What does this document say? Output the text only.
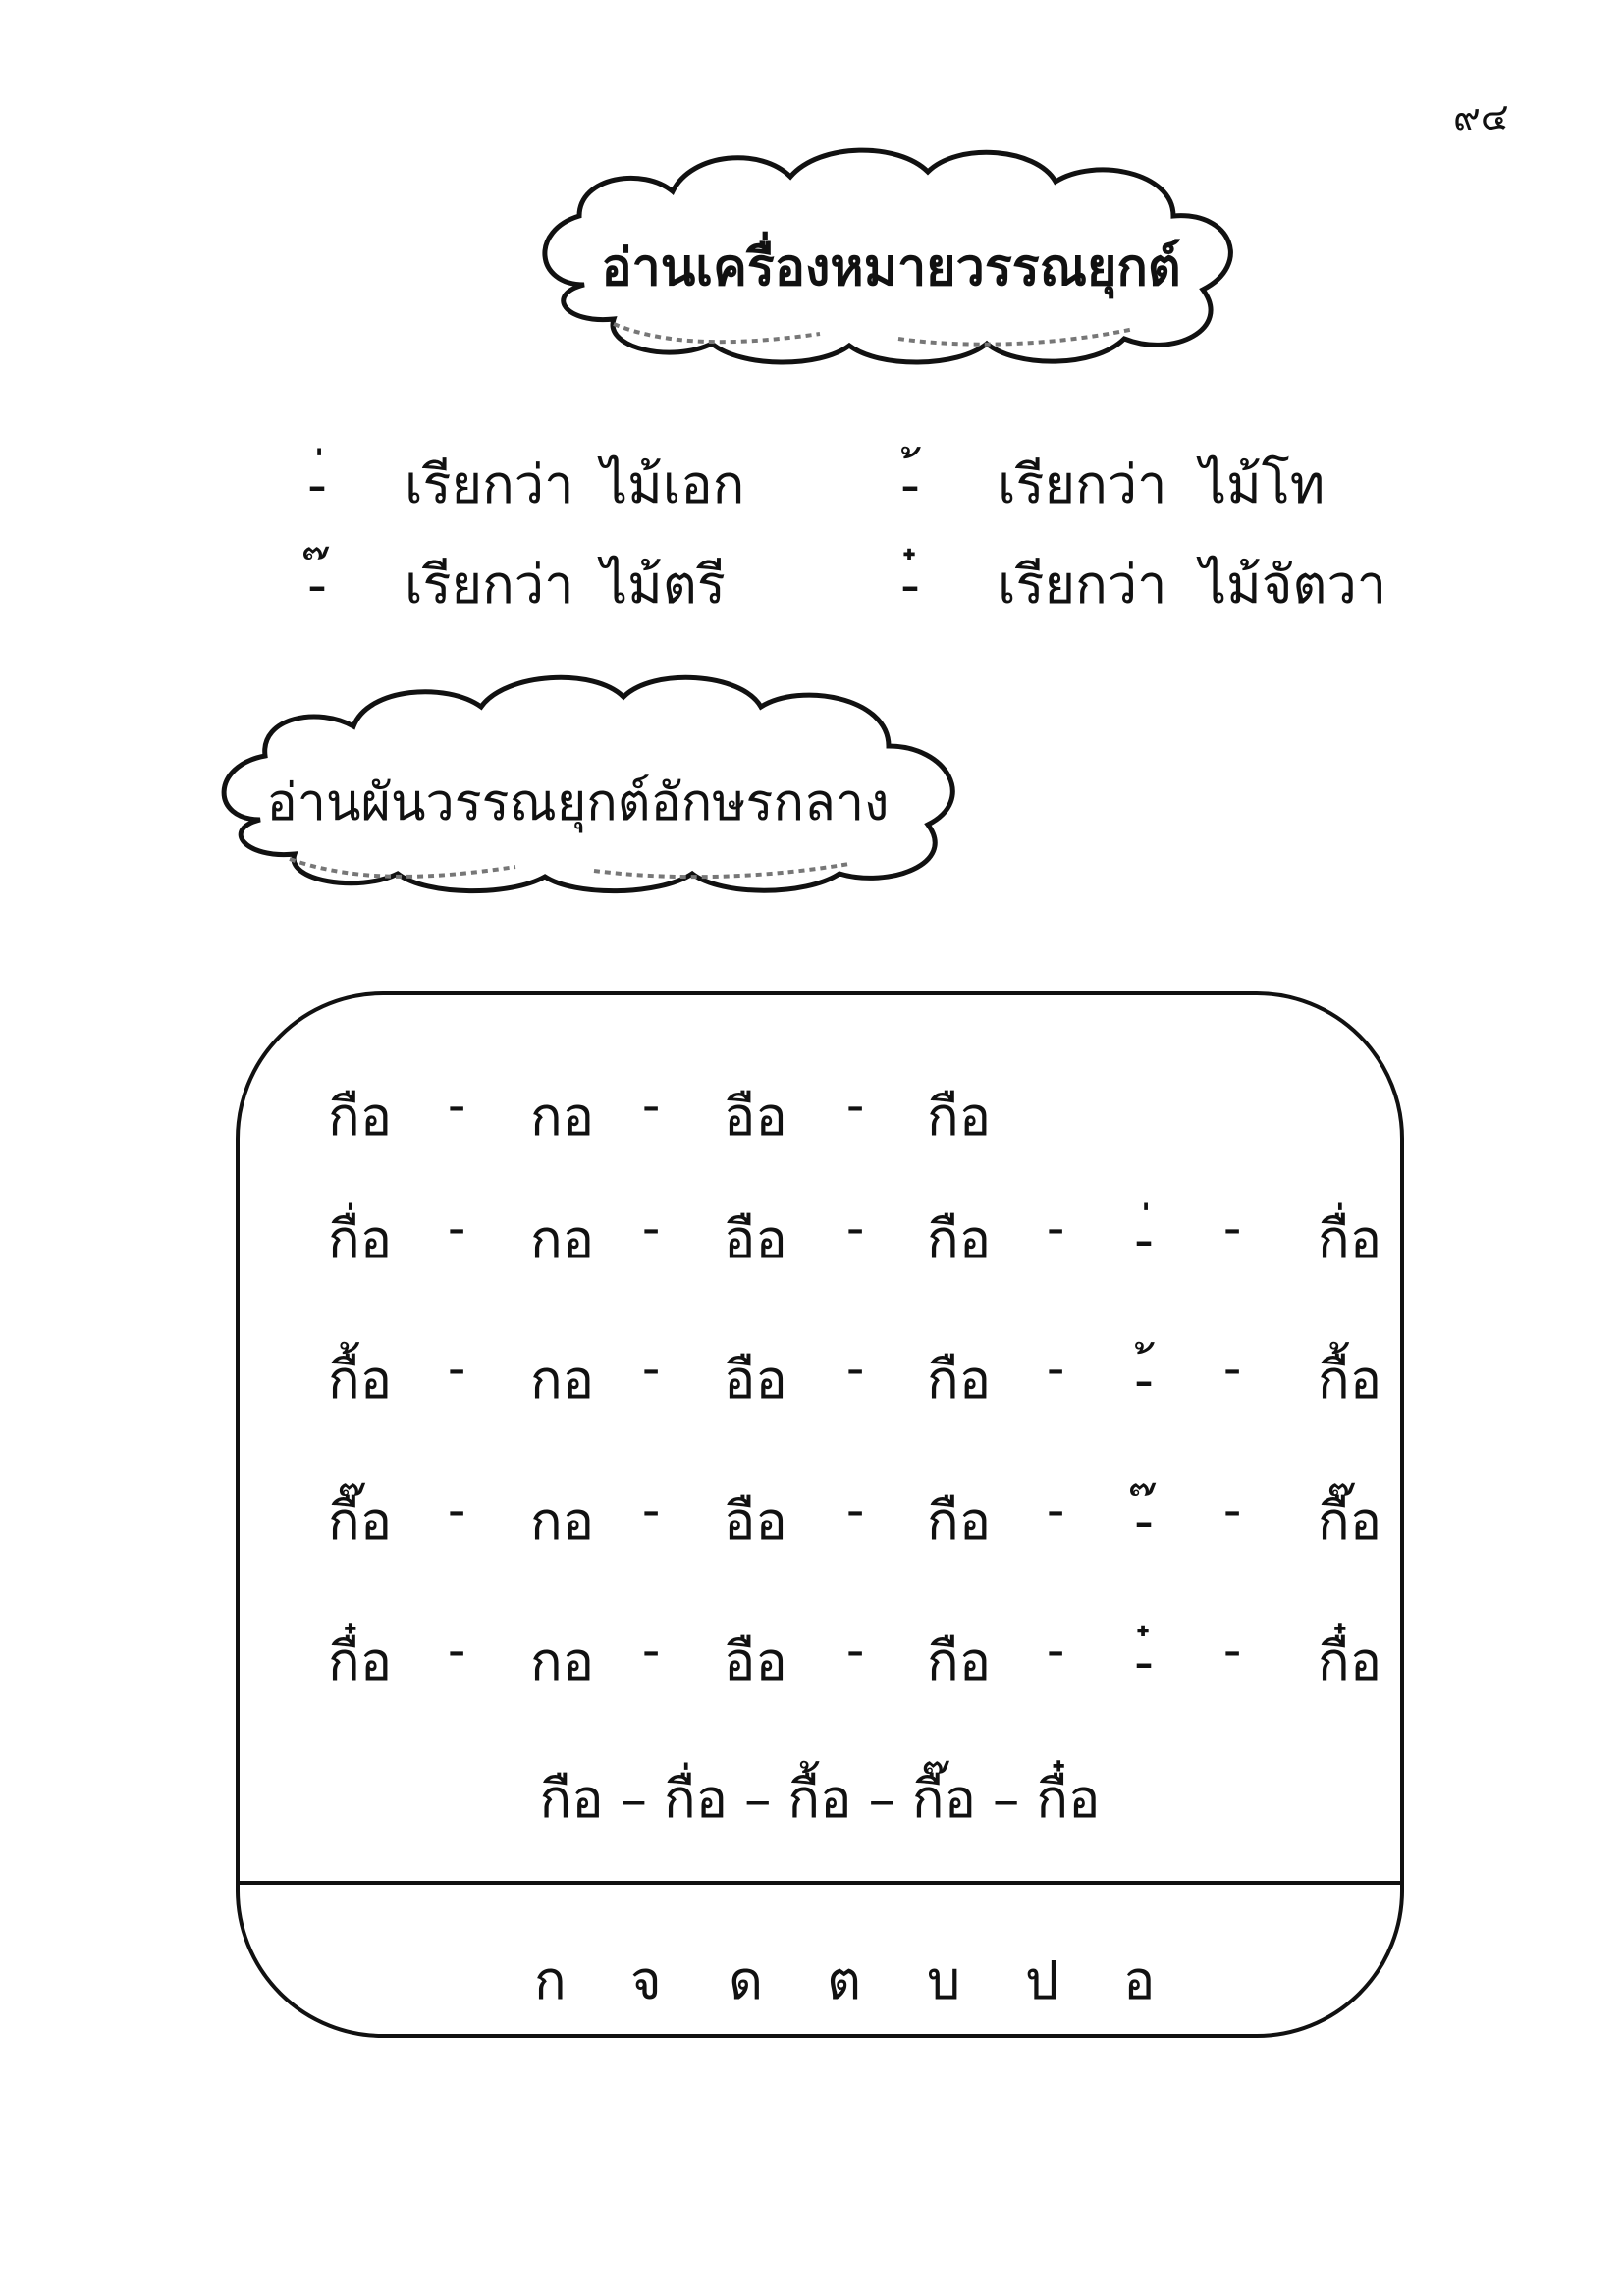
๙๔
อ่านเครื่องหมายวรรณยุกต์
-่ เรียกว่า ไม้เอก	-้ เรียกว่า ไม้โท
-๊ เรียกว่า ไม้ตรี	-๋ เรียกว่า ไม้จัตวา
อ่านผันวรรณยุกต์อักษรกลาง
กือ - กอ - อือ - กือ
กื่อ - กอ - อือ - กือ - -่ - กื่อ
กื้อ - กอ - อือ - กือ - -้ - กื้อ
กื๊อ - กอ - อือ - กือ - -๊ - กื๊อ
กื๋อ - กอ - อือ - กือ - -๋ - กื๋อ
กือ – กื่อ – กื้อ – กื๊อ – กื๋อ
ก จ ด ต บ ป อ
